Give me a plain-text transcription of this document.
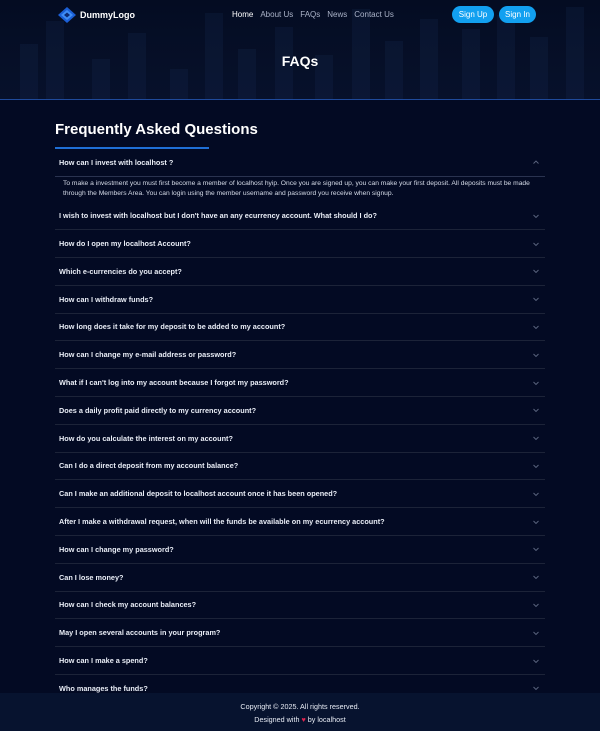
DummyLogo	Home About Us FAQs News Contact Us	Sign Up	Sign In
FAQs
Frequently Asked Questions
How can I invest with localhost ?
To make a investment you must first become a member of localhost hyip. Once you are signed up, you can make your first deposit. All deposits must be made through the Members Area. You can login using the member username and password you receive when signup.
I wish to invest with localhost but I don't have an any ecurrency account. What should I do?
How do I open my localhost Account?
Which e-currencies do you accept?
How can I withdraw funds?
How long does it take for my deposit to be added to my account?
How can I change my e-mail address or password?
What if I can't log into my account because I forgot my password?
Does a daily profit paid directly to my currency account?
How do you calculate the interest on my account?
Can I do a direct deposit from my account balance?
Can I make an additional deposit to localhost account once it has been opened?
After I make a withdrawal request, when will the funds be available on my ecurrency account?
How can I change my password?
Can I lose money?
How can I check my account balances?
May I open several accounts in your program?
How can I make a spend?
Who manages the funds?
Copyright © 2025. All rights reserved.
Designed with ♥ by localhost
